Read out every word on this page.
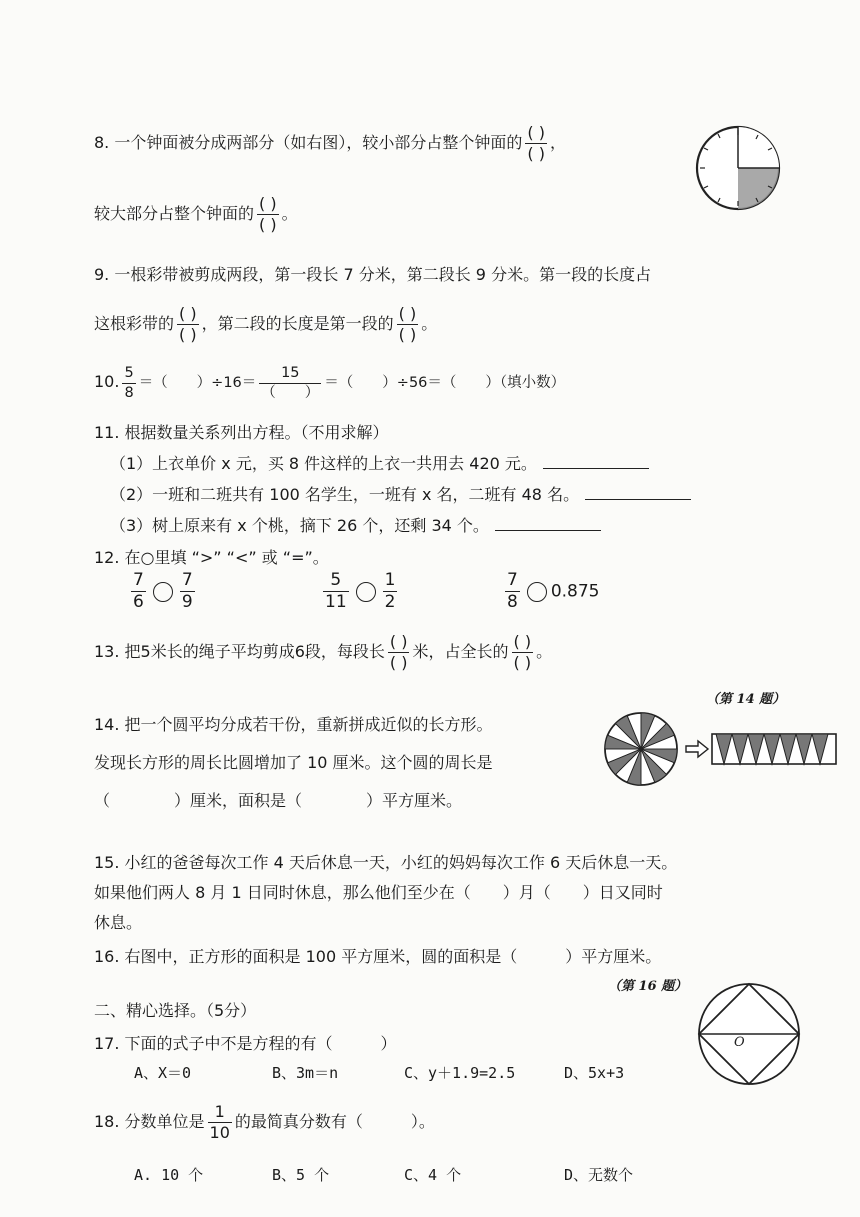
8. 一个钟面被分成两部分（如右图），较小部分占整个钟面的 $\frac{( )}{( )}$ ，
较大部分占整个钟面的 $\frac{( )}{( )}$ 。
9. 一根彩带被剪成两段，第一段长 7 分米，第二段长 9 分米。第一段的长度占
这根彩带的 $\frac{( )}{( )}$ ，第二段的长度是第一段的 $\frac{( )}{( )}$ 。
10. $\frac{5}{8}$ ＝（　　）$\div 16= \frac{15}{( )}$ ＝（　　）÷56＝（　　）（填小数）
11. 根据数量关系列出方程。（不用求解）
（1）上衣单价 x 元，买 8 件这样的上衣一共用去 420 元。
（2）一班和二班共有 100 名学生，一班有 x 名，二班有 48 名。
（3）树上原来有 x 个桃，摘下 26 个，还剩 34 个。
12. 在○里填 “>” “<” 或 “=”。
$\frac{7}{6} \frac{7}{9}$	$\frac{5}{11} \frac{1}{2}$	$\frac{7}{8} 0.875$
13. 把5米长的绳子平均剪成6段，每段长 $\frac{( )}{( )}$ 米，占全长的 $\frac{( )}{( )}$ 。
（第 14 题）
14. 把一个圆平均分成若干份，重新拼成近似的长方形。
发现长方形的周长比圆增加了 10 厘米。这个圆的周长是
（　　　　）厘米，面积是（　　　　）平方厘米。
15. 小红的爸爸每次工作 4 天后休息一天，小红的妈妈每次工作 6 天后休息一天。
如果他们两人 8 月 1 日同时休息，那么他们至少在（　　）月（　　）日又同时
休息。
16. 右图中，正方形的面积是 100 平方厘米，圆的面积是（　　　）平方厘米。
（第 16 题）
O
二、精心选择。（5分）
17. 下面的式子中不是方程的有（　　　）
A、X＝0	B、3m＝n	C、y＋1.9=2.5	D、5x+3
18. 分数单位是 $\frac{1}{10}$ 的最简真分数有（　　　）。
A. 10 个	B、5 个	C、4 个	D、无数个
